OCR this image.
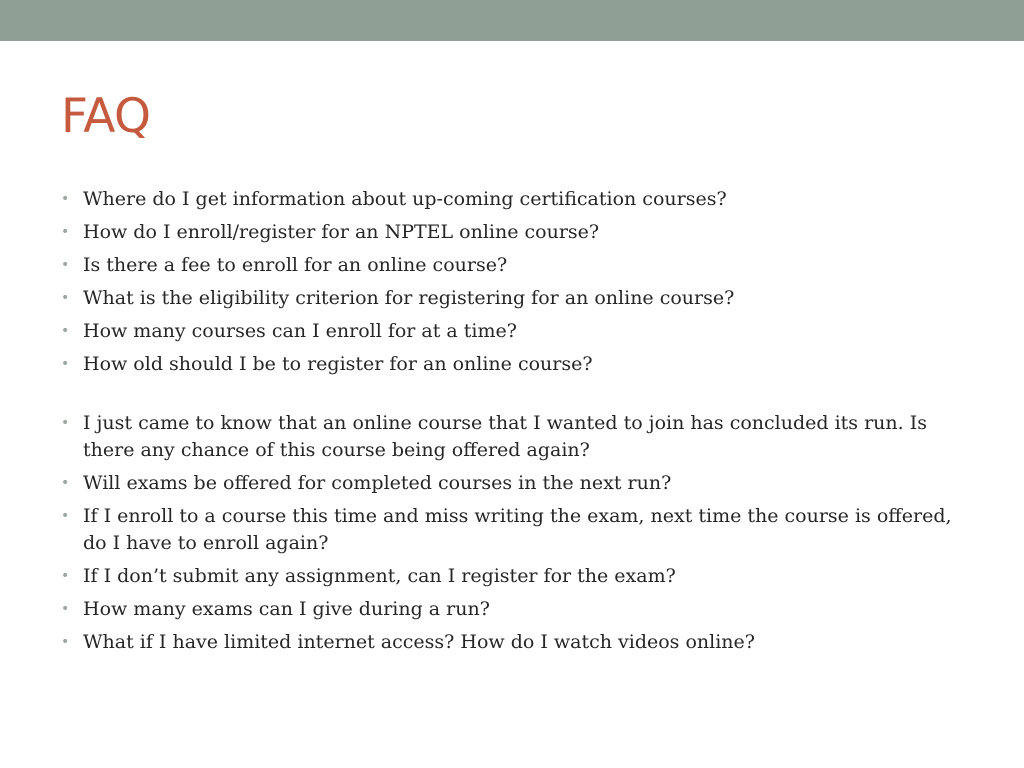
FAQ
• Where do I get information about up-coming certification courses?
• How do I enroll/register for an NPTEL online course?
• Is there a fee to enroll for an online course?
• What is the eligibility criterion for registering for an online course?
• How many courses can I enroll for at a time?
• How old should I be to register for an online course?
• I just came to know that an online course that I wanted to join has concluded its run. Is there any chance of this course being offered again?
• Will exams be offered for completed courses in the next run?
• If I enroll to a course this time and miss writing the exam, next time the course is offered, do I have to enroll again?
• If I don’t submit any assignment, can I register for the exam?
• How many exams can I give during a run?
• What if I have limited internet access? How do I watch videos online?
